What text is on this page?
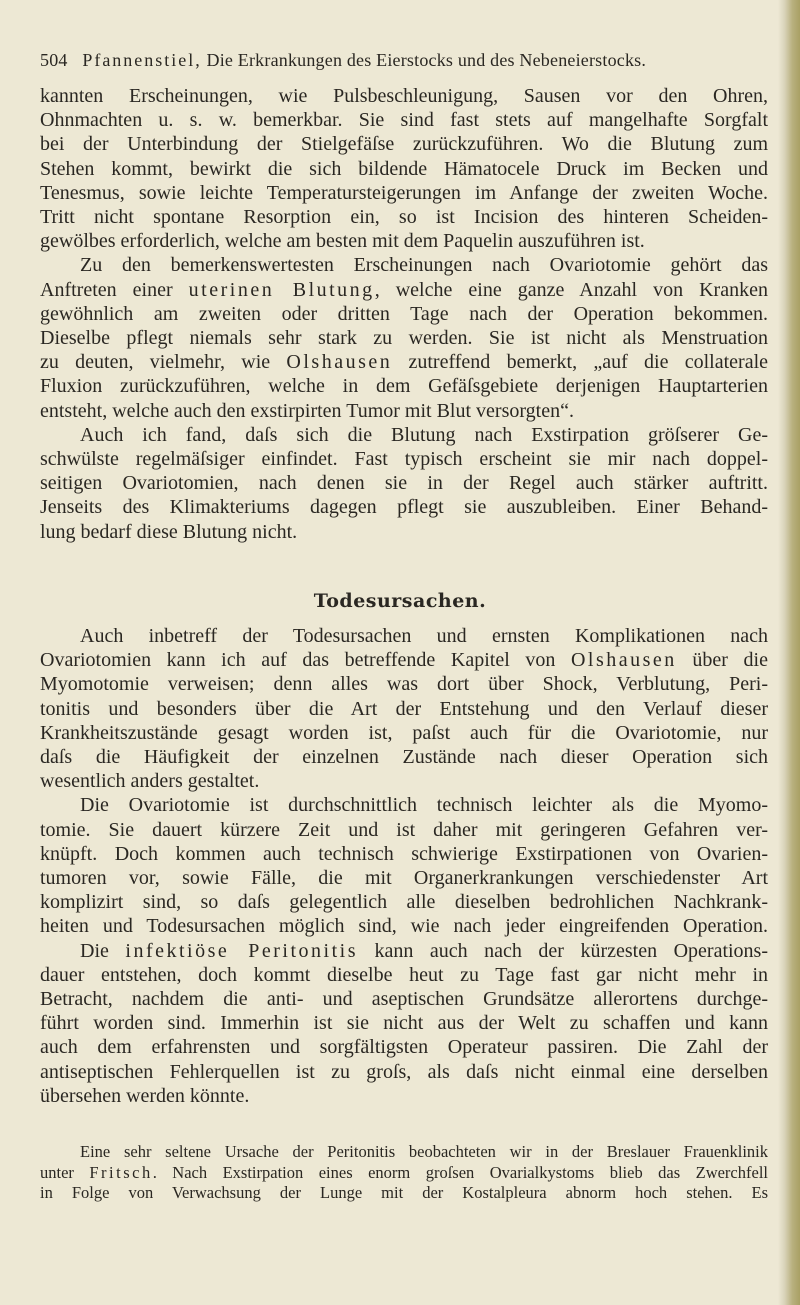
504 Pfannenstiel, Die Erkrankungen des Eierstocks und des Nebeneierstocks.
kannten Erscheinungen, wie Pulsbeschleunigung, Sausen vor den Ohren,
Ohnmachten u. s. w. bemerkbar. Sie sind fast stets auf mangelhafte Sorgfalt
bei der Unterbindung der Stielgefäſse zurückzuführen. Wo die Blutung zum
Stehen kommt, bewirkt die sich bildende Hämatocele Druck im Becken und
Tenesmus, sowie leichte Temperatursteigerungen im Anfange der zweiten Woche.
Tritt nicht spontane Resorption ein, so ist Incision des hinteren Scheiden-
gewölbes erforderlich, welche am besten mit dem Paquelin auszuführen ist.
Zu den bemerkenswertesten Erscheinungen nach Ovariotomie gehört das
Anftreten einer uterinen Blutung, welche eine ganze Anzahl von Kranken
gewöhnlich am zweiten oder dritten Tage nach der Operation bekommen.
Dieselbe pflegt niemals sehr stark zu werden. Sie ist nicht als Menstruation
zu deuten, vielmehr, wie Olshausen zutreffend bemerkt, „auf die collaterale
Fluxion zurückzuführen, welche in dem Gefäſsgebiete derjenigen Hauptarterien
entsteht, welche auch den exstirpirten Tumor mit Blut versorgten“.
Auch ich fand, daſs sich die Blutung nach Exstirpation gröſserer Ge-
schwülste regelmäſsiger einfindet. Fast typisch erscheint sie mir nach doppel-
seitigen Ovariotomien, nach denen sie in der Regel auch stärker auftritt.
Jenseits des Klimakteriums dagegen pflegt sie auszubleiben. Einer Behand-
lung bedarf diese Blutung nicht.
Todesursachen.
Auch inbetreff der Todesursachen und ernsten Komplikationen nach
Ovariotomien kann ich auf das betreffende Kapitel von Olshausen über die
Myomotomie verweisen; denn alles was dort über Shock, Verblutung, Peri-
tonitis und besonders über die Art der Entstehung und den Verlauf dieser
Krankheitszustände gesagt worden ist, paſst auch für die Ovariotomie, nur
daſs die Häufigkeit der einzelnen Zustände nach dieser Operation sich
wesentlich anders gestaltet.
Die Ovariotomie ist durchschnittlich technisch leichter als die Myomo-
tomie. Sie dauert kürzere Zeit und ist daher mit geringeren Gefahren ver-
knüpft. Doch kommen auch technisch schwierige Exstirpationen von Ovarien-
tumoren vor, sowie Fälle, die mit Organerkrankungen verschiedenster Art
komplizirt sind, so daſs gelegentlich alle dieselben bedrohlichen Nachkrank-
heiten und Todesursachen möglich sind, wie nach jeder eingreifenden Operation.
Die infektiöse Peritonitis kann auch nach der kürzesten Operations-
dauer entstehen, doch kommt dieselbe heut zu Tage fast gar nicht mehr in
Betracht, nachdem die anti- und aseptischen Grundsätze allerortens durchge-
führt worden sind. Immerhin ist sie nicht aus der Welt zu schaffen und kann
auch dem erfahrensten und sorgfältigsten Operateur passiren. Die Zahl der
antiseptischen Fehlerquellen ist zu groſs, als daſs nicht einmal eine derselben
übersehen werden könnte.
Eine sehr seltene Ursache der Peritonitis beobachteten wir in der Breslauer Frauenklinik
unter Fritsch. Nach Exstirpation eines enorm groſsen Ovarialkystoms blieb das Zwerchfell
in Folge von Verwachsung der Lunge mit der Kostalpleura abnorm hoch stehen. Es
